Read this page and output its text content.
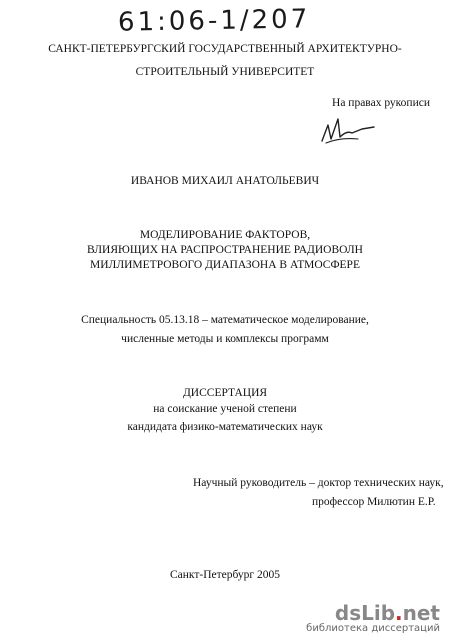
61:06-1/207
САНКТ-ПЕТЕРБУРГСКИЙ ГОСУДАРСТВЕННЫЙ АРХИТЕКТУРНО-
СТРОИТЕЛЬНЫЙ УНИВЕРСИТЕТ
На правах рукописи
ИВАНОВ МИХАИЛ АНАТОЛЬЕВИЧ
МОДЕЛИРОВАНИЕ ФАКТОРОВ,
ВЛИЯЮЩИХ НА РАСПРОСТРАНЕНИЕ РАДИОВОЛН
МИЛЛИМЕТРОВОГО ДИАПАЗОНА В АТМОСФЕРЕ
Специальность 05.13.18 – математическое моделирование,
численные методы и комплексы программ
ДИССЕРТАЦИЯ
на соискание ученой степени
кандидата физико-математических наук
Научный руководитель – доктор технических наук,
профессор Милютин Е.Р.
Санкт-Петербург 2005
dsLib.net
библиотека диссертаций
